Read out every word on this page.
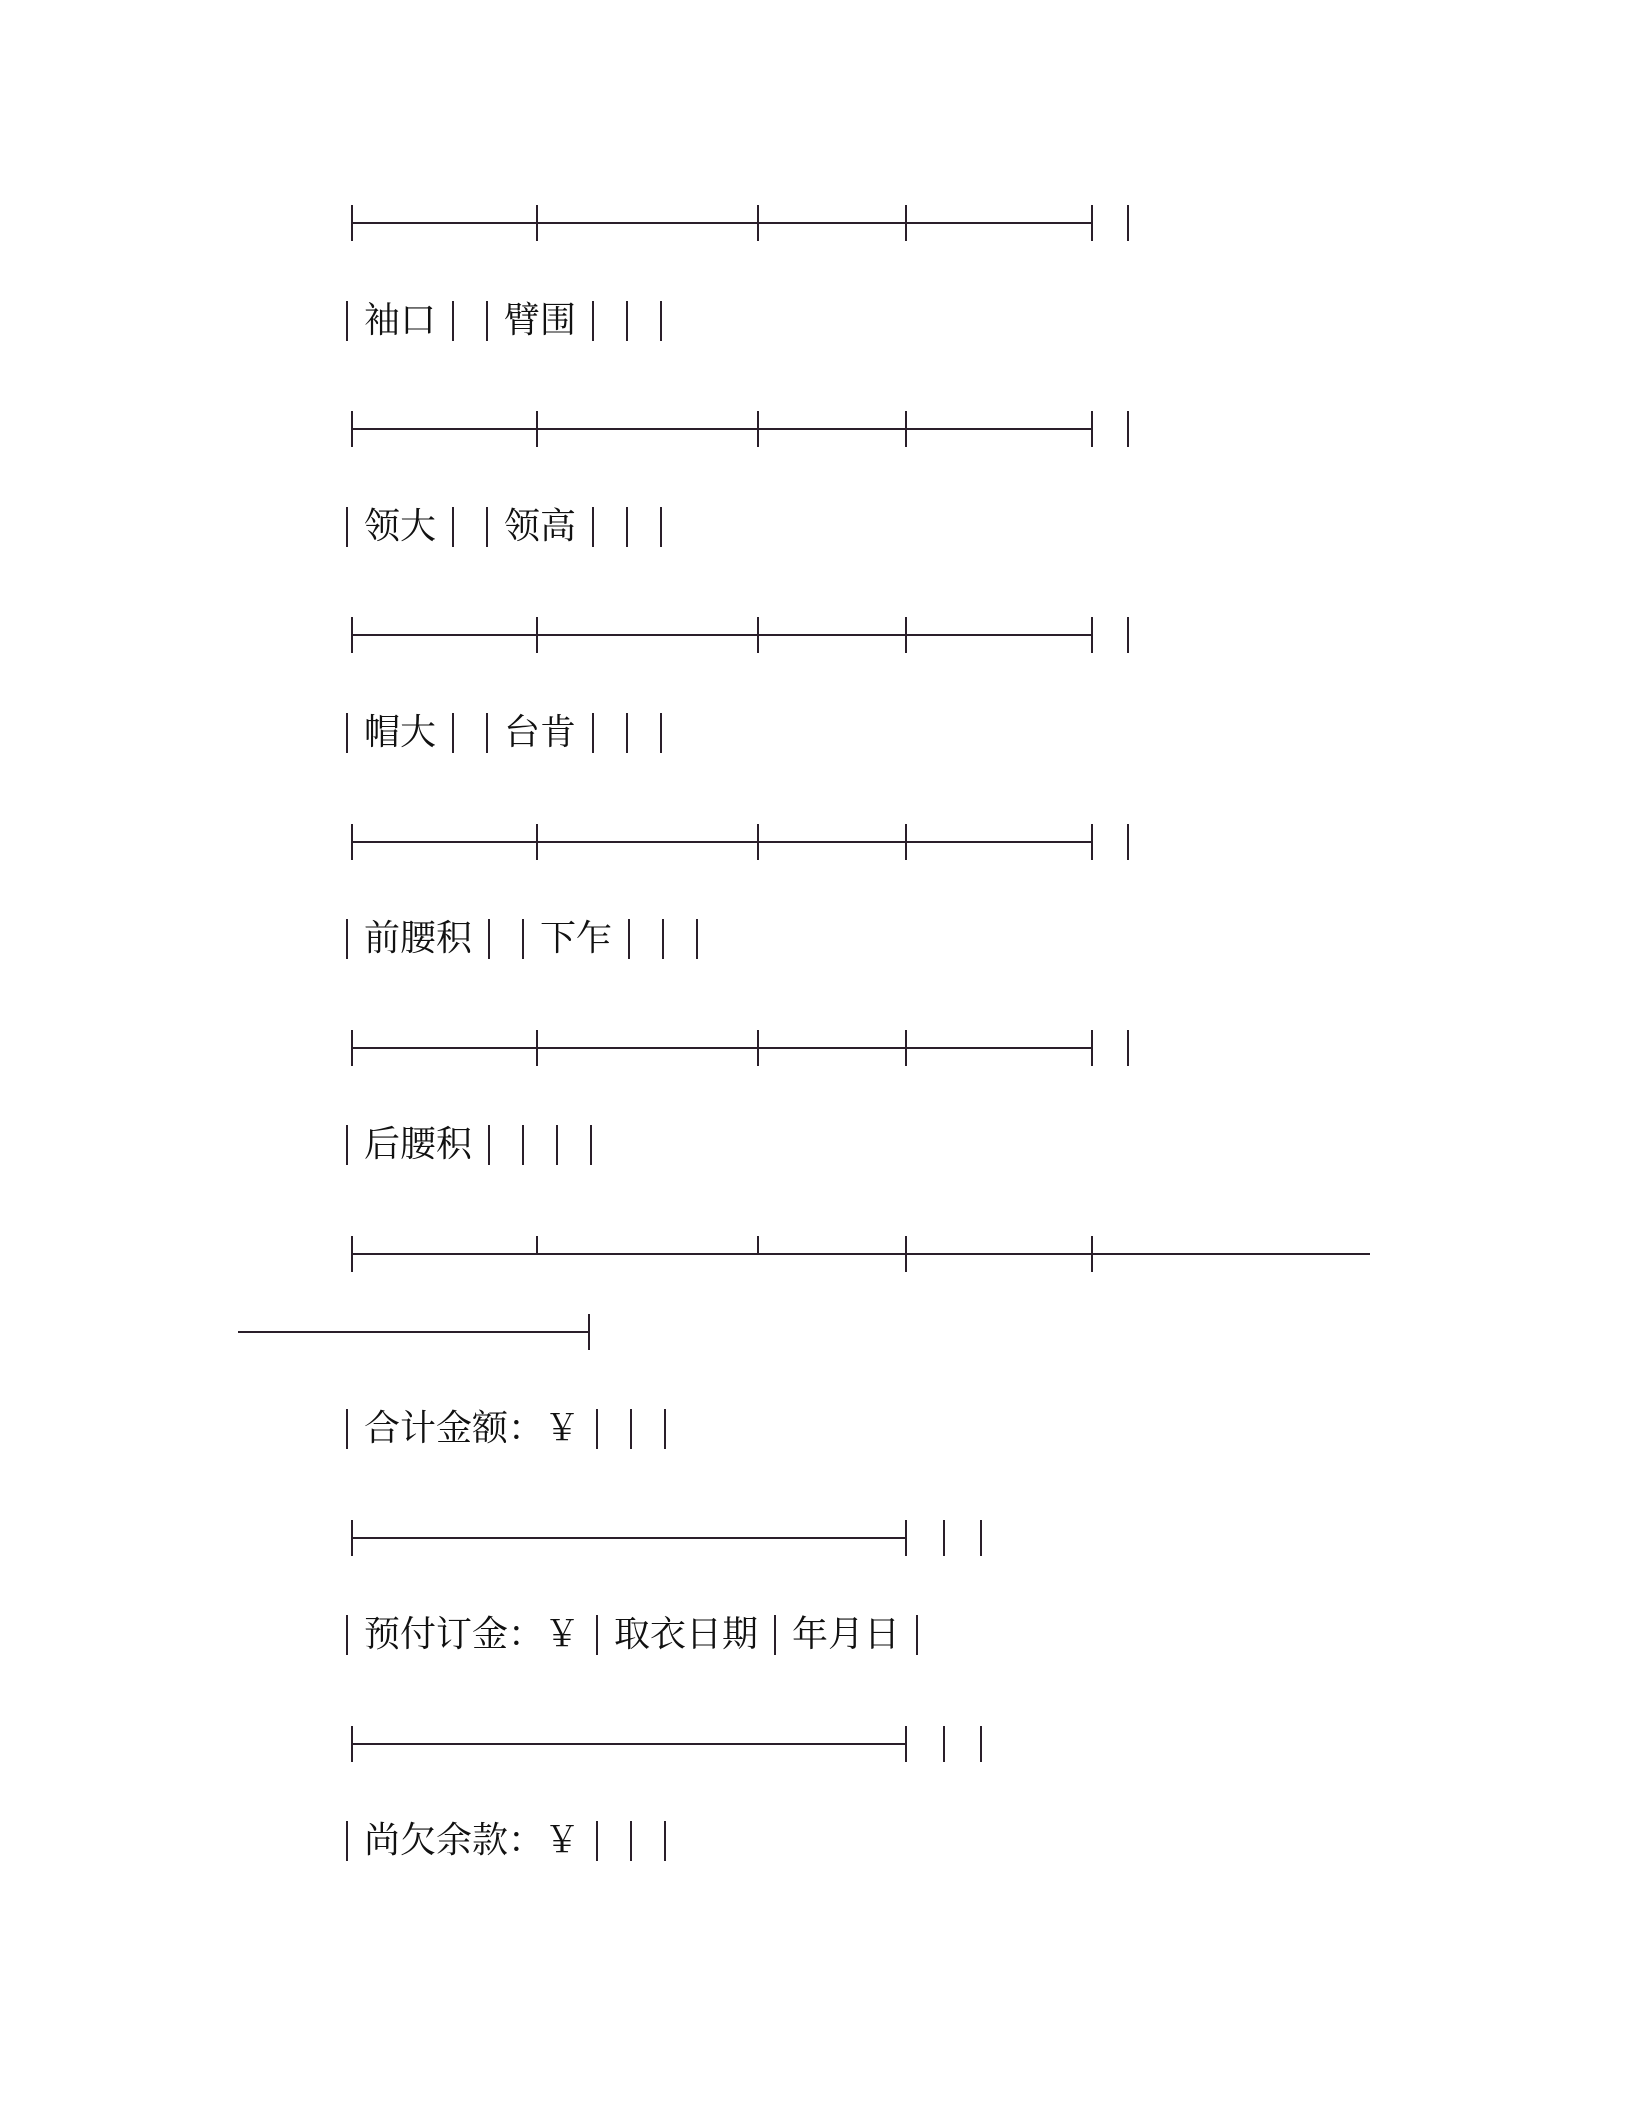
袖口 臂围
领大 领高
帽大 台肯
前腰积 下乍
后腰积
合计金额：￥
预付订金：￥ 取衣日期 年月日
尚欠余款：￥
